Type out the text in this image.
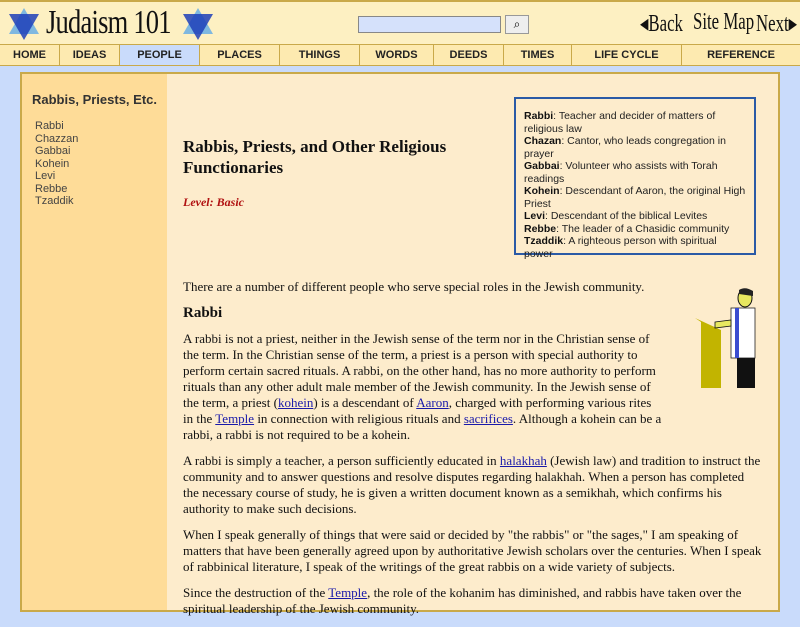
Judaism 101	⌕	◂Back Site Map Next▸
HOME	IDEAS	PEOPLE	PLACES	THINGS	WORDS	DEEDS	TIMES	LIFE CYCLE	REFERENCE
Rabbis, Priests, Etc.
Rabbi
Chazzan
Gabbai
Kohein
Levi
Rebbe
Tzaddik
Rabbis, Priests, and Other Religious Functionaries
Level: Basic
Rabbi: Teacher and decider of matters of religious law
Chazan: Cantor, who leads congregation in prayer
Gabbai: Volunteer who assists with Torah readings
Kohein: Descendant of Aaron, the original High Priest
Levi: Descendant of the biblical Levites
Rebbe: The leader of a Chasidic community
Tzaddik: A righteous person with spiritual power

There are a number of different people who serve special roles in the Jewish community.

Rabbi

A rabbi is not a priest, neither in the Jewish sense of the term nor in the Christian sense of the term. In the Christian sense of the term, a priest is a person with special authority to perform certain sacred rituals. A rabbi, on the other hand, has no more authority to perform rituals than any other adult male member of the Jewish community. In the Jewish sense of the term, a priest (kohein) is a descendant of Aaron, charged with performing various rites in the Temple in connection with religious rituals and sacrifices. Although a kohein can be a rabbi, a rabbi is not required to be a kohein.

A rabbi is simply a teacher, a person sufficiently educated in halakhah (Jewish law) and tradition to instruct the community and to answer questions and resolve disputes regarding halakhah. When a person has completed the necessary course of study, he is given a written document known as a semikhah, which confirms his authority to make such decisions.

When I speak generally of things that were said or decided by "the rabbis" or "the sages," I am speaking of matters that have been generally agreed upon by authoritative Jewish scholars over the centuries. When I speak of rabbinical literature, I speak of the writings of the great rabbis on a wide variety of subjects.

Since the destruction of the Temple, the role of the kohanim has diminished, and rabbis have taken over the spiritual leadership of the Jewish community.
